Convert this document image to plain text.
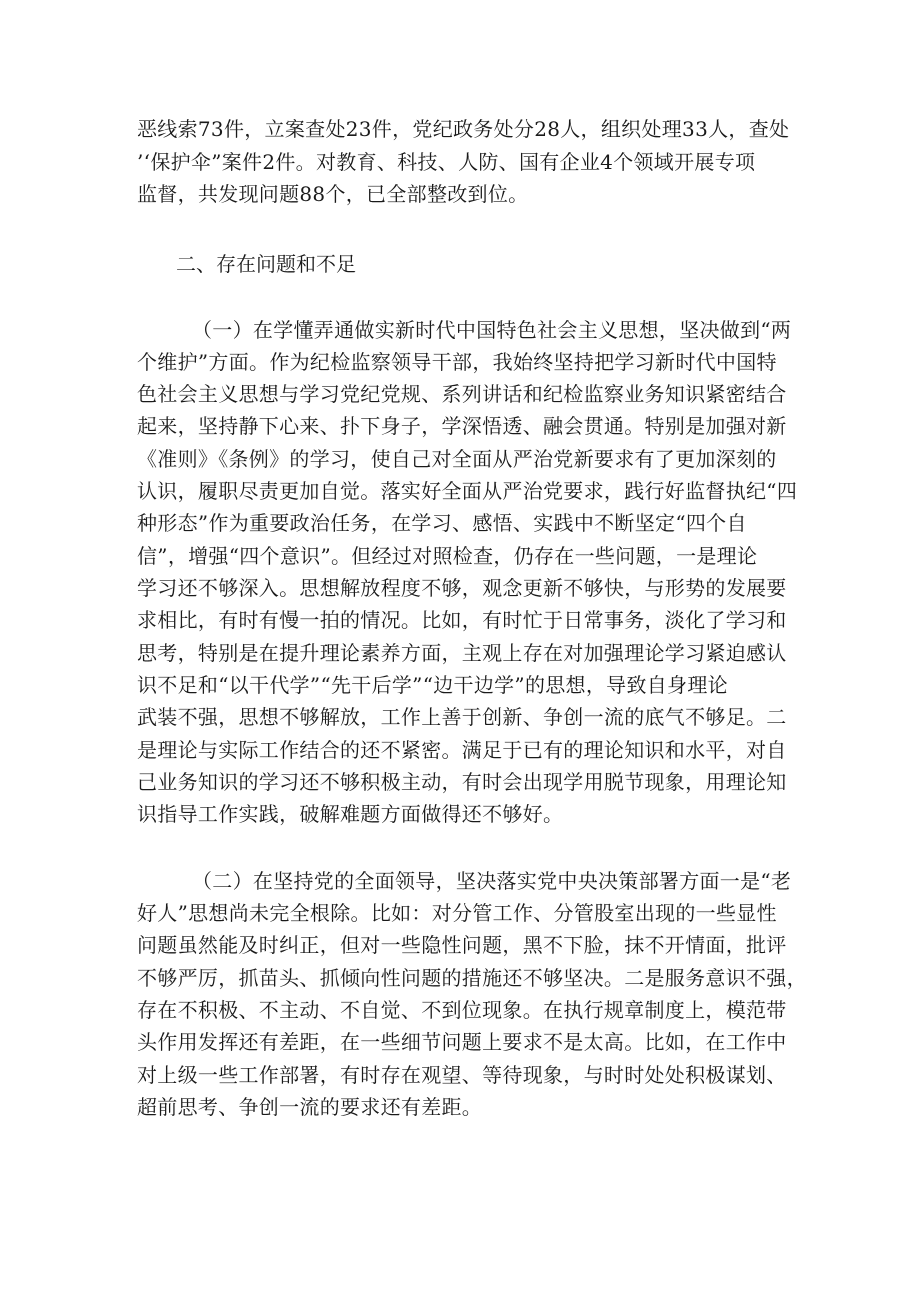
恶线索73件，立案查处23件，党纪政务处分28人，组织处理33人，查处
’‘保护伞”案件2件。对教育、科技、人防、国有企业4个领域开展专项
监督，共发现问题88个，已全部整改到位。
二、存在问题和不足
（一）在学懂弄通做实新时代中国特色社会主义思想，坚决做到“两
个维护”方面。作为纪检监察领导干部，我始终坚持把学习新时代中国特
色社会主义思想与学习党纪党规、系列讲话和纪检监察业务知识紧密结合
起来，坚持静下心来、扑下身子，学深悟透、融会贯通。特别是加强对新
《准则》《条例》的学习，使自己对全面从严治党新要求有了更加深刻的
认识，履职尽责更加自觉。落实好全面从严治党要求，践行好监督执纪“四
种形态”作为重要政治任务，在学习、感悟、实践中不断坚定“四个自
信”，增强“四个意识”。但经过对照检查，仍存在一些问题，一是理论
学习还不够深入。思想解放程度不够，观念更新不够快，与形势的发展要
求相比，有时有慢一拍的情况。比如，有时忙于日常事务，淡化了学习和
思考，特别是在提升理论素养方面，主观上存在对加强理论学习紧迫感认
识不足和“以干代学”“先干后学”“边干边学”的思想，导致自身理论
武装不强，思想不够解放，工作上善于创新、争创一流的底气不够足。二
是理论与实际工作结合的还不紧密。满足于已有的理论知识和水平，对自
己业务知识的学习还不够积极主动，有时会出现学用脱节现象，用理论知
识指导工作实践，破解难题方面做得还不够好。
（二）在坚持党的全面领导，坚决落实党中央决策部署方面一是“老
好人”思想尚未完全根除。比如：对分管工作、分管股室出现的一些显性
问题虽然能及时纠正，但对一些隐性问题，黑不下脸，抹不开情面，批评
不够严厉，抓苗头、抓倾向性问题的措施还不够坚决。二是服务意识不强，
存在不积极、不主动、不自觉、不到位现象。在执行规章制度上，模范带
头作用发挥还有差距，在一些细节问题上要求不是太高。比如，在工作中
对上级一些工作部署，有时存在观望、等待现象，与时时处处积极谋划、
超前思考、争创一流的要求还有差距。
